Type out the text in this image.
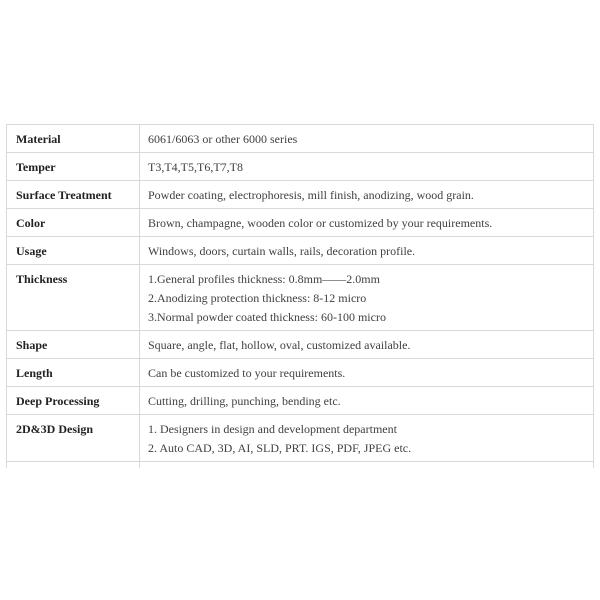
Material	6061/6063 or other 6000 series

Temper	T3,T4,T5,T6,T7,T8

Surface Treatment	Powder coating, electrophoresis, mill finish, anodizing, wood grain.

Color	Brown, champagne, wooden color or customized by your requirements.

Usage	Windows, doors, curtain walls, rails, decoration profile.

Thickness	1.General profiles thickness: 0.8mm——2.0mm
2.Anodizing protection thickness: 8-12 micro
3.Normal powder coated thickness: 60-100 micro

Shape	Square, angle, flat, hollow, oval, customized available.

Length	Can be customized to your requirements.

Deep Processing	Cutting, drilling, punching, bending etc.

2D&3D Design	1. Designers in design and development department
2. Auto CAD, 3D, AI, SLD, PRT. IGS, PDF, JPEG etc.
